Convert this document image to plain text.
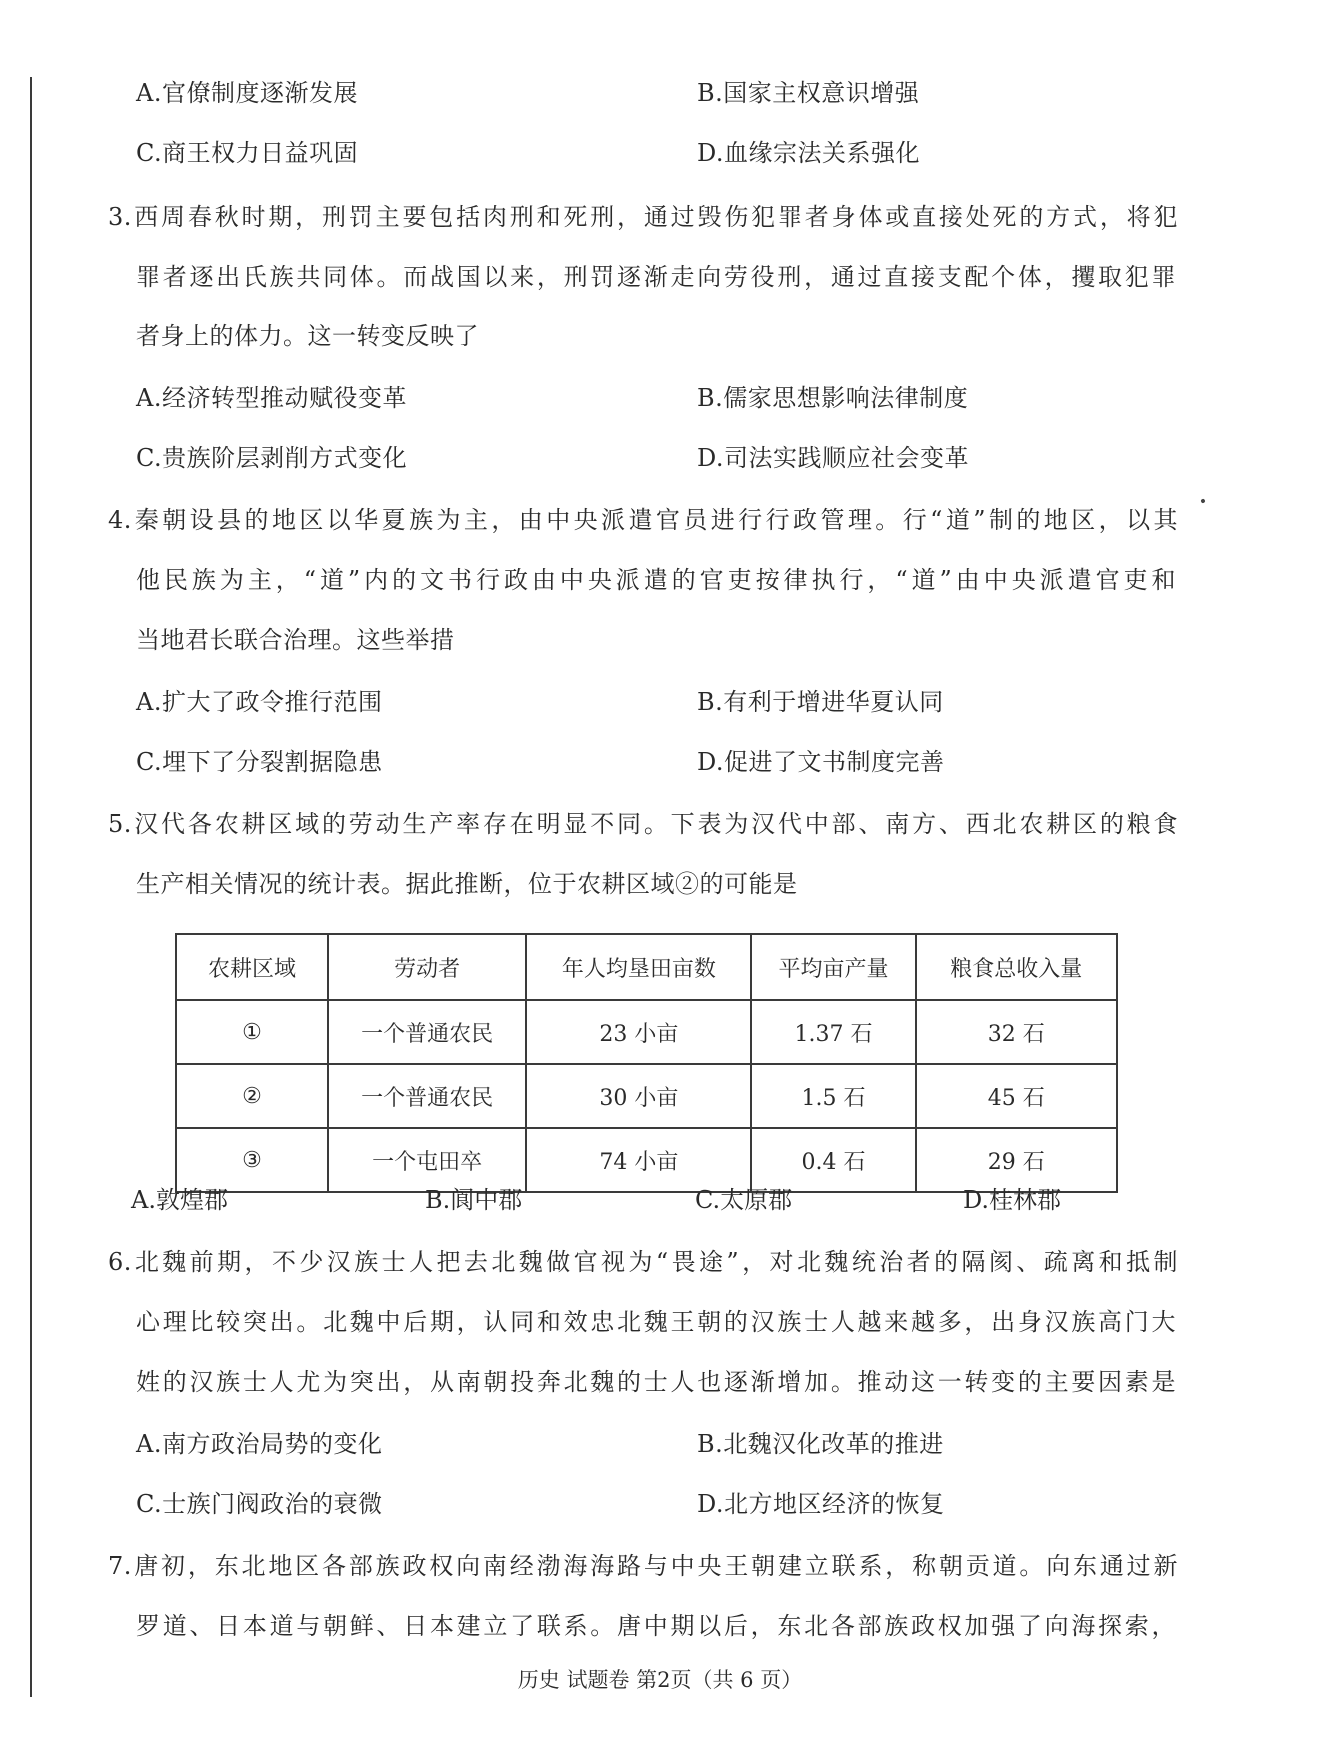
A.官僚制度逐渐发展	B.国家主权意识增强
C.商王权力日益巩固	D.血缘宗法关系强化
3.西周春秋时期，刑罚主要包括肉刑和死刑，通过毁伤犯罪者身体或直接处死的方式，将犯
罪者逐出氏族共同体。而战国以来，刑罚逐渐走向劳役刑，通过直接支配个体，攫取犯罪
者身上的体力。这一转变反映了
A.经济转型推动赋役变革	B.儒家思想影响法律制度
C.贵族阶层剥削方式变化	D.司法实践顺应社会变革
4.秦朝设县的地区以华夏族为主，由中央派遣官员进行行政管理。行“道”制的地区，以其
他民族为主，“道”内的文书行政由中央派遣的官吏按律执行，“道”由中央派遣官吏和
当地君长联合治理。这些举措
A.扩大了政令推行范围	B.有利于增进华夏认同
C.埋下了分裂割据隐患	D.促进了文书制度完善
5.汉代各农耕区域的劳动生产率存在明显不同。下表为汉代中部、南方、西北农耕区的粮食
生产相关情况的统计表。据此推断，位于农耕区域②的可能是
农耕区域	劳动者	年人均垦田亩数	平均亩产量	粮食总收入量
①	一个普通农民	23 小亩	1.37 石	32 石
②	一个普通农民	30 小亩	1.5 石	45 石
③	一个屯田卒	74 小亩	0.4 石	29 石
A.敦煌郡	B.阆中郡	C.太原郡	D.桂林郡
6.北魏前期，不少汉族士人把去北魏做官视为“畏途”，对北魏统治者的隔阂、疏离和抵制
心理比较突出。北魏中后期，认同和效忠北魏王朝的汉族士人越来越多，出身汉族高门大
姓的汉族士人尤为突出，从南朝投奔北魏的士人也逐渐增加。推动这一转变的主要因素是
A.南方政治局势的变化	B.北魏汉化改革的推进
C.士族门阀政治的衰微	D.北方地区经济的恢复
7.唐初，东北地区各部族政权向南经渤海海路与中央王朝建立联系，称朝贡道。向东通过新
罗道、日本道与朝鲜、日本建立了联系。唐中期以后，东北各部族政权加强了向海探索，
历史 试题卷 第2页（共 6 页）
